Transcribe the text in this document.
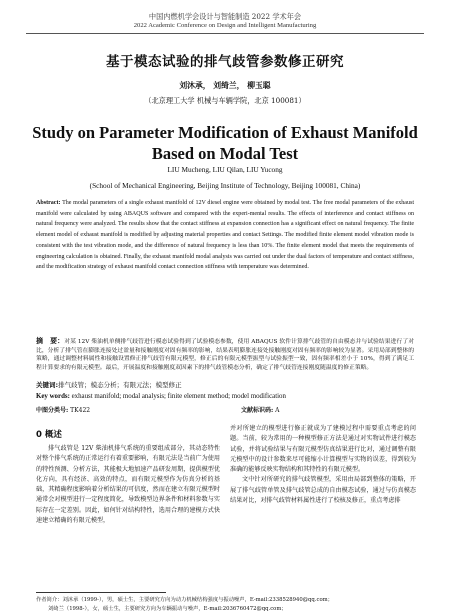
中国内燃机学会设计与智能制造 2022 学术年会
2022 Academic Conference on Design and Intelligent Manufacturing
基于模态试验的排气歧管参数修正研究
刘沐承， 刘绮兰， 柳玉聪
（北京理工大学 机械与车辆学院，北京 100081）
Study on Parameter Modification of Exhaust Manifold
Based on Modal Test
LIU Mucheng, LIU Qilan, LIU Yucong
(School of Mechanical Engineering, Beijing Institute of Technology, Beijing 100081, China)
Abstract: The modal parameters of a single exhaust manifold of 12V diesel engine were obtained by modal test. The free modal parameters of the exhaust manifold were calculated by using ABAQUS software and compared with the experi-mental results. The effects of interference and contact stiffness on natural frequency were analyzed. The results show that the contact stiffness at expansion connection has a significant effect on natural frequency. The finite element model of exhaust manifold is modified by adjusting material properties and contact Settings. The modified finite element model vibration mode is consistent with the test vibration mode, and the difference of natural frequency is less than 10%. The finite element model that meets the requirements of engineering calculation is obtained. Finally, the exhaust manifold modal analysis was carried out under the dual factors of temperature and contact stiffness, and the modification strategy of exhaust manifold contact connection stiffness with temperature was determined.
摘　要：对某 12V 柴油机单侧排气歧管进行模态试验得到了试验模态参数，使用 ABAQUS 软件计算排气歧管的自由模态并与试验结果进行了对比，分析了排气管在膨胀连接处过盈量和接触刚度对固有频率的影响，结果表明膨胀连接处接触刚度对固有频率的影响较为显著。采用局部到整体的策略，通过调整材料属性和接触设置修正排气歧管有限元模型，修正后的有限元模型振型与试验振型一致，固有频率相差小于 10%，得到了满足工程计算要求的有限元模型。最后，开展温度和接触刚度双因素下的排气歧管模态分析，确定了排气歧管连接刚度随温度的修正策略。
关键词:排气歧管；模态分析；有限元法；模型修正
Key words: exhaust manifold; modal analysis; finite element method; model modification
中图分类号: TK422	文献标识码: A
0 概述

排气歧管是 12V 柴油机排气系统的重要组成部分，其动态特性对整个排气系统的正常运行有着重要影响，有限元法是当前广为使用的特性预测、分析方法，其能极大地加速产品研发周期，提供模型优化方向，具有经济、高效的特点，而有限元模型作为仿真分析的基础，其精确程度影响着分析结果的可信度，然而在建立有限元模型时通常会对模型进行一定程度简化，导致模型边界条件和材料参数与实际存在一定差别。因此，如何针对结构特性，选用合理的建模方式快速建立精确的有限元模型，

并对所建立的模型进行修正就成为了建模过程中需要重点考虑的问题。当前，较为常用的一种模型修正方法是通过对实物试件进行模态试验，并将试验结果与有限元模型仿真结果进行比对，通过调整有限元模型中的设计参数来尽可能缩小计算模型与实物的误差，得到较为准确的能够反映实物结构和其特性的有限元模型。

文中针对所研究的排气歧管模型，采用由局部到整体的策略，开展了排气歧管单管及排气歧管总成的自由模态试验，通过与仿真模态结果对比，对排气歧管材料属性进行了校核及修正，重点考虑排

作者简介：刘沐承（1999-），男，硕士生，主要研究方向为动力机械结构强度与振动噪声，E-mail:2338528940@qq.com；
刘绮兰（1998-），女，硕士生，主要研究方向为车辆振动与噪声，E-mail:2036760472@qq.com；
